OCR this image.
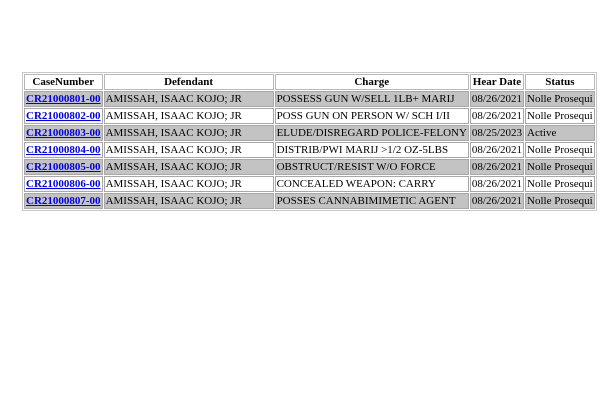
CaseNumber	Defendant	Charge	Hear Date	Status
CR21000801-00	AMISSAH, ISAAC KOJO; JR	POSSESS GUN W/SELL 1LB+ MARIJ	08/26/2021	Nolle Prosequi
CR21000802-00	AMISSAH, ISAAC KOJO; JR	POSS GUN ON PERSON W/ SCH I/II	08/26/2021	Nolle Prosequi
CR21000803-00	AMISSAH, ISAAC KOJO; JR	ELUDE/DISREGARD POLICE-FELONY	08/25/2023	Active
CR21000804-00	AMISSAH, ISAAC KOJO; JR	DISTRIB/PWI MARIJ >1/2 OZ-5LBS	08/26/2021	Nolle Prosequi
CR21000805-00	AMISSAH, ISAAC KOJO; JR	OBSTRUCT/RESIST W/O FORCE	08/26/2021	Nolle Prosequi
CR21000806-00	AMISSAH, ISAAC KOJO; JR	CONCEALED WEAPON: CARRY	08/26/2021	Nolle Prosequi
CR21000807-00	AMISSAH, ISAAC KOJO; JR	POSSES CANNABIMIMETIC AGENT	08/26/2021	Nolle Prosequi
